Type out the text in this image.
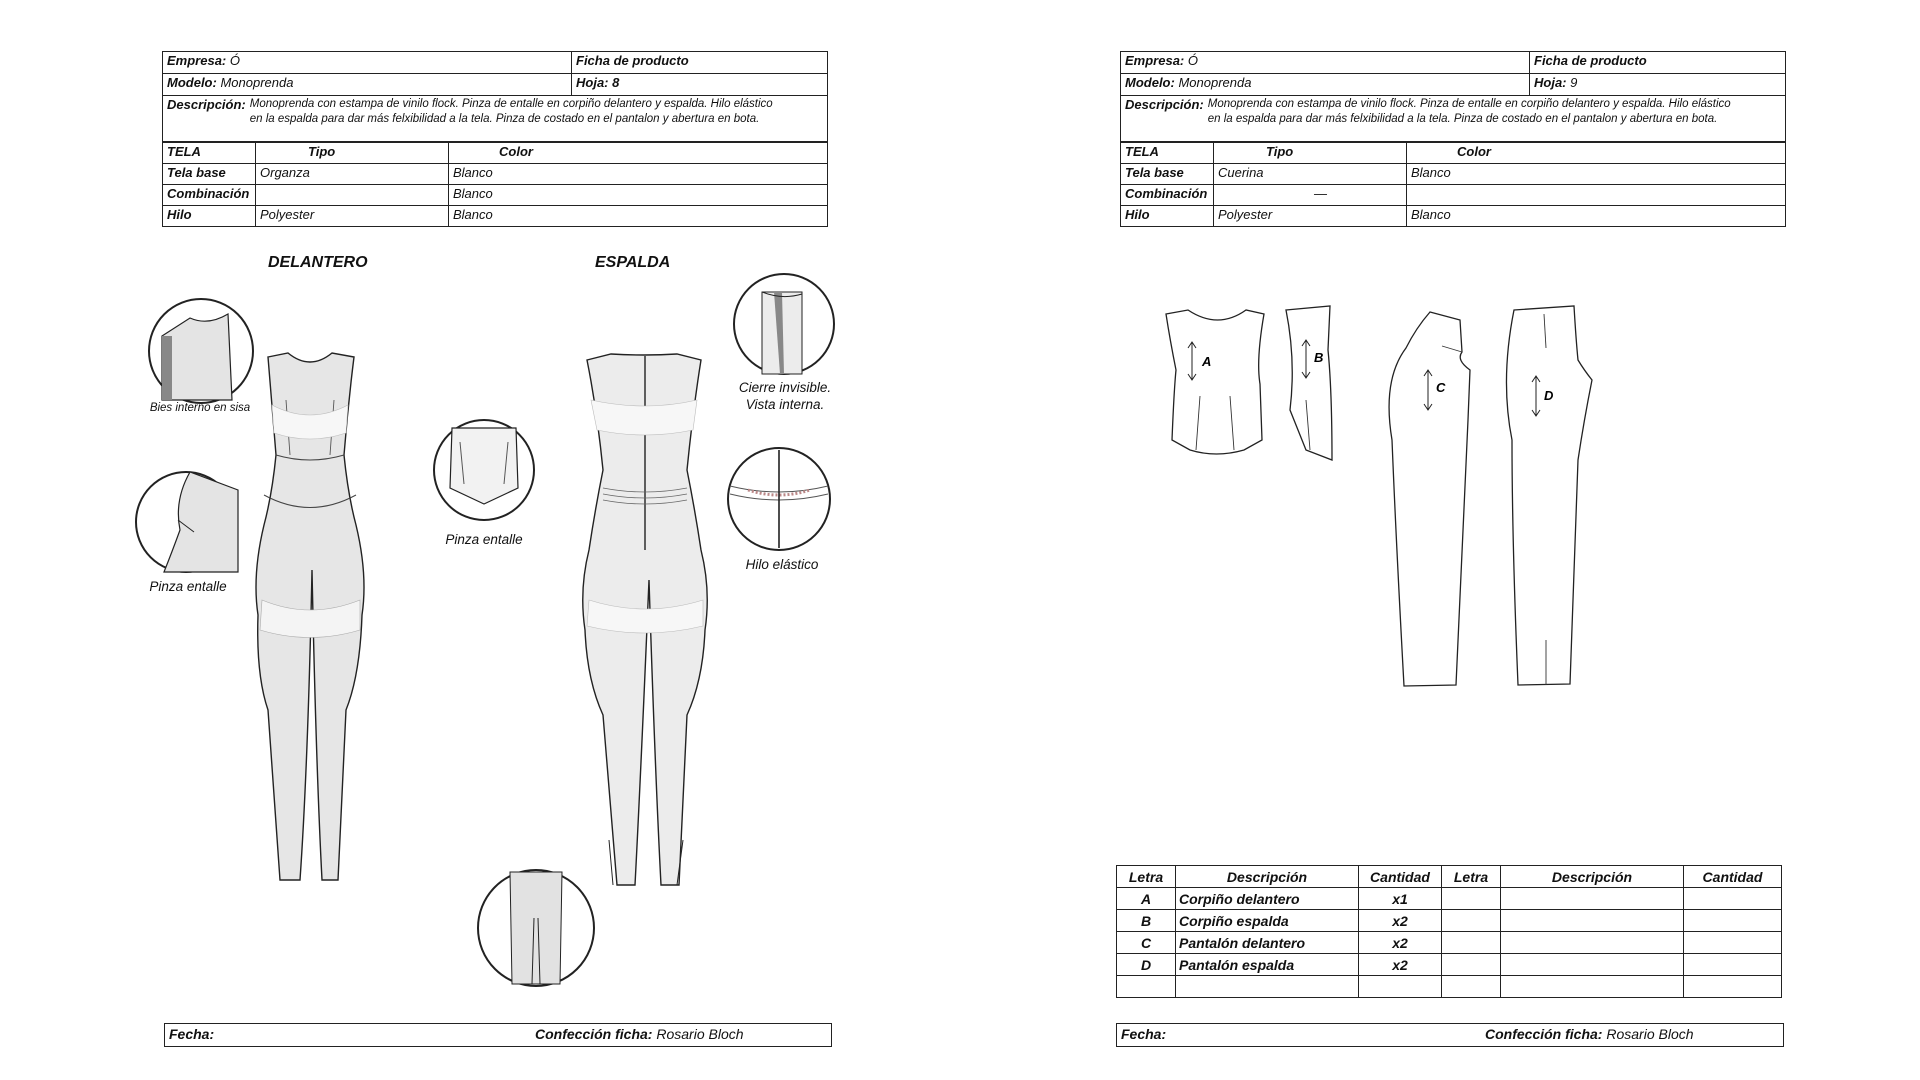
Empresa: Ó	Ficha de producto
Modelo: Monoprenda	Hoja: 8

Descripción: Monoprenda con estampa de vinilo flock. Pinza de entalle en corpiño delantero y espalda. Hilo elástico
en la espalda para dar más felxibilidad a la tela. Pinza de costado en el pantalon y abertura en bota.	
TELA	Tipo	Color
Tela base	Organza	Blanco
Combinación		Blanco
Hilo	Polyester	Blanco
DELANTERO	ESPALDA
Bies interno en sisa
Pinza entalle
Pinza entalle
Cierre invisible.
Vista interna.
Hilo elástico
Fecha:	Confección ficha: Rosario Bloch
Empresa: Ó	Ficha de producto
Modelo: Monoprenda	Hoja: 9

Descripción: Monoprenda con estampa de vinilo flock. Pinza de entalle en corpiño delantero y espalda. Hilo elástico
en la espalda para dar más felxibilidad a la tela. Pinza de costado en el pantalon y abertura en bota.	
TELA	Tipo	Color
Tela base	Cuerina	Blanco
Combinación	—	
Hilo	Polyester	Blanco
A	B
C
D
Letra	Descripción	Cantidad	Letra	Descripción	Cantidad
A	Corpiño delantero	x1			
B	Corpiño espalda	x2			
C	Pantalón delantero	x2			
D	Pantalón espalda	x2			

Fecha:	Confección ficha: Rosario Bloch
